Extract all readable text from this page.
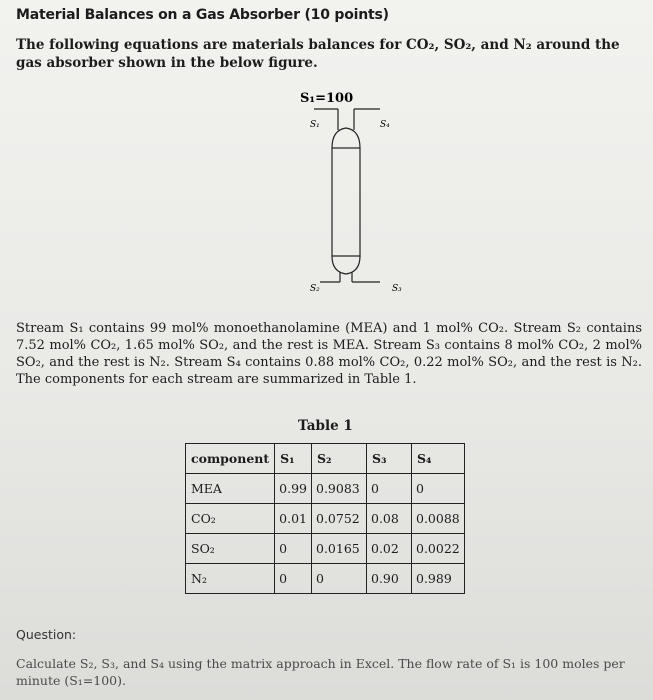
Material Balances on a Gas Absorber (10 points)
The following equations are materials balances for CO₂, SO₂, and N₂ around the gas absorber shown in the below figure.
S₁=100
S₁	S₄
S₂	S₃
Stream S₁ contains 99 mol% monoethanolamine (MEA) and 1 mol% CO₂. Stream S₂ contains 7.52 mol% CO₂, 1.65 mol% SO₂, and the rest is MEA. Stream S₃ contains 8 mol% CO₂, 2 mol% SO₂, and the rest is N₂. Stream S₄ contains 0.88 mol% CO₂, 0.22 mol% SO₂, and the rest is N₂. The components for each stream are summarized in Table 1.
Table 1
component	S₁	S₂	S₃	S₄
MEA	0.99	0.9083	0	0
CO₂	0.01	0.0752	0.08	0.0088
SO₂	0	0.0165	0.02	0.0022
N₂	0	0	0.90	0.989
Question:
Calculate S₂, S₃, and S₄ using the matrix approach in Excel. The flow rate of S₁ is 100 moles per minute (S₁=100).
